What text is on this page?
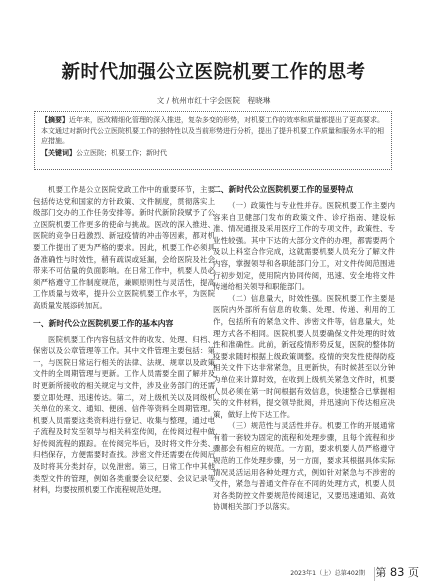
新时代加强公立医院机要工作的思考
文 / 杭州市红十字会医院　程晓琳

【摘要】近年来，医改精细化管理的深入推进，复杂多变的形势，对机要工作的效率和质量都提出了更高要求。本文通过对新时代公立医院机要工作的独特性以及当前形势进行分析，提出了提升机要工作质量和服务水平的相应措施。

【关键词】公立医院；机要工作；新时代

机要工作是公立医院党政工作中的重要环节，主要包括传达党和国家的方针政策、文件制度，贯彻落实上级部门交办的工作任务安排等。新时代新阶段赋予了公立医院机要工作更多的使命与挑战。医改的深入推进、医院的竞争日趋激烈、新冠疫情的冲击等因素，都对机要工作提出了更为严格的要求。因此，机要工作必须具备准确性与时效性，稍有疏误或延漏，会给医院及社会带来不可估量的负面影响。在日常工作中，机要人员必须严格遵守工作制度规范，兼顾原则性与灵活性，提高工作质量与效率，提升公立医院机要工作水平，为医院高质量发展添砖加瓦。

一、新时代公立医院机要工作的基本内容

医院机要工作内容包括文件的收发、处理、归档、保密以及公章管理等工作。其中文件管理主要包括：第一，与医院日常运行相关的法律、法规、规章以及政策文件的全周期管理与更新。工作人员需要全面了解并及时更新所接收的相关规定与文件，涉及业务部门的还需要立即处理、迅速传达。第二，对上级机关以及同级机关单位的来文、通知、便函、信件等资料全周期管理。机要人员需要这类资料进行登记、收集与整理，通过电子流程及时发至领导与相关科室传阅，在传阅过程中做好传阅流程的跟踪。在传阅完毕后，及时将文件分类、归档保存，方便需要时查找。涉密文件还需要在传阅后及时将其分类封存，以免泄密。第三，日常工作中其他类型文件的管理，例如各类重要会议纪要、会议记录等材料，均要按照机要工作流程规范处理。

二、新时代公立医院机要工作的显要特点

（一）政策性与专业性并存。医院机要工作主要内容来自卫健部门发布的政策文件、诊疗指南、建设标准、情况通报及采用医疗工作的专项文件，政策性、专业性较强。其中下达的大部分文件的办理，都需要两个及以上科室合作完成，这就需要机要人员充分了解文件内容，掌握领导和各职能部门分工，对文件传阅范围进行初步划定，使用院内协同传阅，迅速、安全地将文件传递给相关领导和职能部门。

（二）信息量大，时效性强。医院机要工作主要是医院内外部所有信息的收集、处理、传递、利用的工作，包括所有的紧急文件、涉密文件等，信息量大，处理方式各不相同。医院机要人员要确保文件处理的时效性和准确性。此前，新冠疫情形势反复，医院的整体防疫要求随时根据上级政策调整。疫情的突发性使得防疫相关文件下达非常紧急，且更新快，有时候甚至以分钟为单位来计算时效，在收到上级机关紧急文件时，机要人员必须在第一时间根据有效信息，快速整合已掌握相关的文件材料，提交领导批阅，并迅速向下传达相应决策，做好上传下达工作。

（三）规范性与灵活性并存。机要工作的开展通常有着一套较为固定的流程和处理步骤，且每个流程和步骤都会有相应的规范。一方面，要求机要人员严格遵守规范的工作处理步骤，另一方面，要求其根据具体实际情况灵活运用各种处理方式，例如针对紧急与不涉密的文件，紧急与普通文件存在不同的处理方式，机要人员对各类防控文件要规范传阅速记，又要迅速通知、高效协调相关部门予以落实。

2023年1（上）总第402期 第 83 页
